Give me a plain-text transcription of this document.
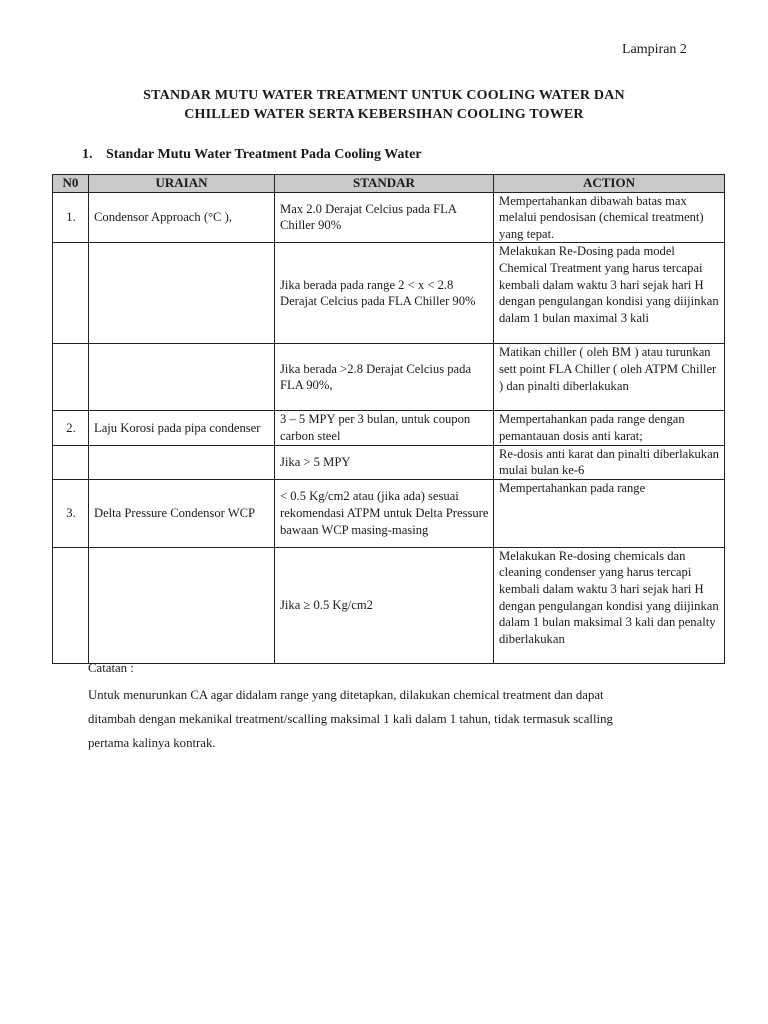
Lampiran 2
STANDAR MUTU WATER TREATMENT UNTUK COOLING WATER DAN
CHILLED WATER SERTA KEBERSIHAN COOLING TOWER
1. Standar Mutu Water Treatment Pada Cooling Water
N0	URAIAN	STANDAR	ACTION
1.	Condensor Approach (°C ),	Max 2.0 Derajat Celcius pada FLA Chiller 90%	Mempertahankan dibawah batas max melalui pendosisan (chemical treatment) yang tepat.
		Jika berada pada range 2 < x < 2.8 Derajat Celcius pada FLA Chiller 90%	Melakukan Re-Dosing pada model Chemical Treatment yang harus tercapai kembali dalam waktu 3 hari sejak hari H dengan pengulangan kondisi yang diijinkan dalam 1 bulan maximal 3 kali
		Jika berada >2.8 Derajat Celcius pada FLA 90%,	Matikan chiller ( oleh BM ) atau turunkan sett point FLA Chiller ( oleh ATPM Chiller ) dan pinalti diberlakukan
2.	Laju Korosi pada pipa condenser	3 – 5 MPY per 3 bulan, untuk coupon carbon steel	Mempertahankan pada range dengan pemantauan dosis anti karat;
		Jika > 5 MPY	Re-dosis anti karat dan pinalti diberlakukan mulai bulan ke-6
3.	Delta Pressure Condensor WCP	< 0.5 Kg/cm2 atau (jika ada) sesuai rekomendasi ATPM untuk Delta Pressure bawaan WCP masing-masing	Mempertahankan pada range
		Jika ≥ 0.5 Kg/cm2	Melakukan Re-dosing chemicals dan cleaning condenser yang harus tercapi kembali dalam waktu 3 hari sejak hari H dengan pengulangan kondisi yang diijinkan dalam 1 bulan maksimal 3 kali dan penalty diberlakukan
Catatan :
Untuk menurunkan CA agar didalam range yang ditetapkan, dilakukan chemical treatment dan dapat
ditambah dengan mekanikal treatment/scalling maksimal 1 kali dalam 1 tahun, tidak termasuk scalling
pertama kalinya kontrak.
